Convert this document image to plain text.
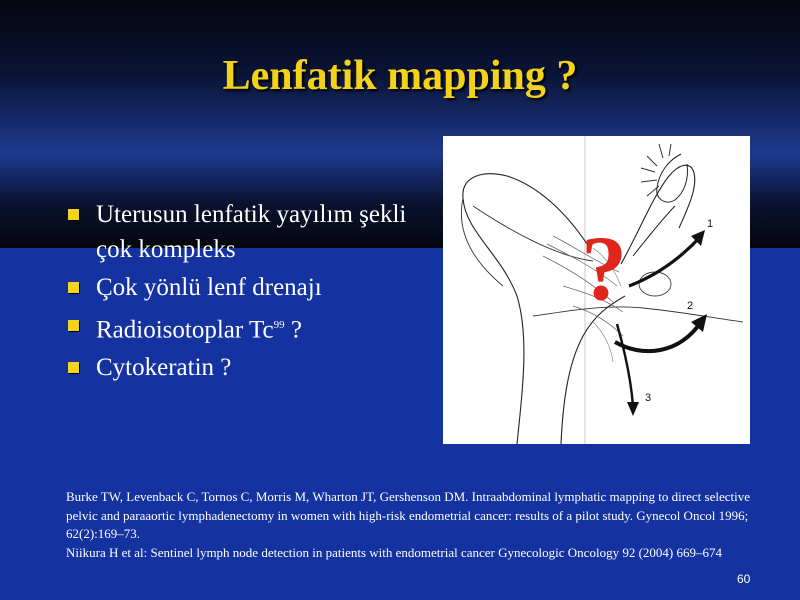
Lenfatik mapping ?
Uterusun lenfatik yayılım şekli çok kompleks
Çok yönlü lenf drenajı
Radioisotoplar Tc$^{99}$ ?
Cytokeratin ?
?	1
2
3
Burke TW, Levenback C, Tornos C, Morris M, Wharton JT, Gershenson DM. Intraabdominal lymphatic mapping to direct selective pelvic and paraaortic lymphadenectomy in women with high-risk endometrial cancer: results of a pilot study. Gynecol Oncol 1996; 62(2):169–73.
Niikura H et al: Sentinel lymph node detection in patients with endometrial cancer Gynecologic Oncology 92 (2004) 669–674
60
